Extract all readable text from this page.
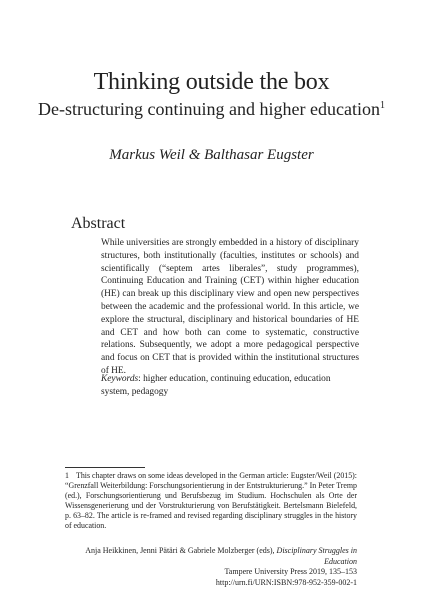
Thinking outside the box
De-structuring continuing and higher education$^1$
Markus Weil & Balthasar Eugster
Abstract
While universities are strongly embedded in a history of disciplinary structures, both institutionally (faculties, institutes or schools) and scientifically (“septem artes liberales”, study programmes), Continuing Education and Training (CET) within higher education (HE) can break up this disciplinary view and open new perspectives between the academic and the professional world. In this article, we explore the structural, disciplinary and historical boundaries of HE and CET and how both can come to systematic, constructive relations. Subsequently, we adopt a more pedagogical perspective and focus on CET that is provided within the institutional structures of HE.
Keywords: higher education, continuing education, education system, pedagogy
1 This chapter draws on some ideas developed in the German article: Eugster/Weil (2015): “Grenzfall Weiterbildung: Forschungsorientierung in der Entstrukturierung.” In Peter Tremp (ed.), Forschungsorientierung und Berufsbezug im Studium. Hochschulen als Orte der Wissensgenerierung und der Vorstrukturierung von Berufstätigkeit. Bertelsmann Bielefeld, p. 63–82. The article is re-framed and revised regarding disciplinary struggles in the history of education.
Anja Heikkinen, Jenni Pätäri & Gabriele Molzberger (eds), Disciplinary Struggles in Education
Tampere University Press 2019, 135–153
http://urn.fi/URN:ISBN:978-952-359-002-1
